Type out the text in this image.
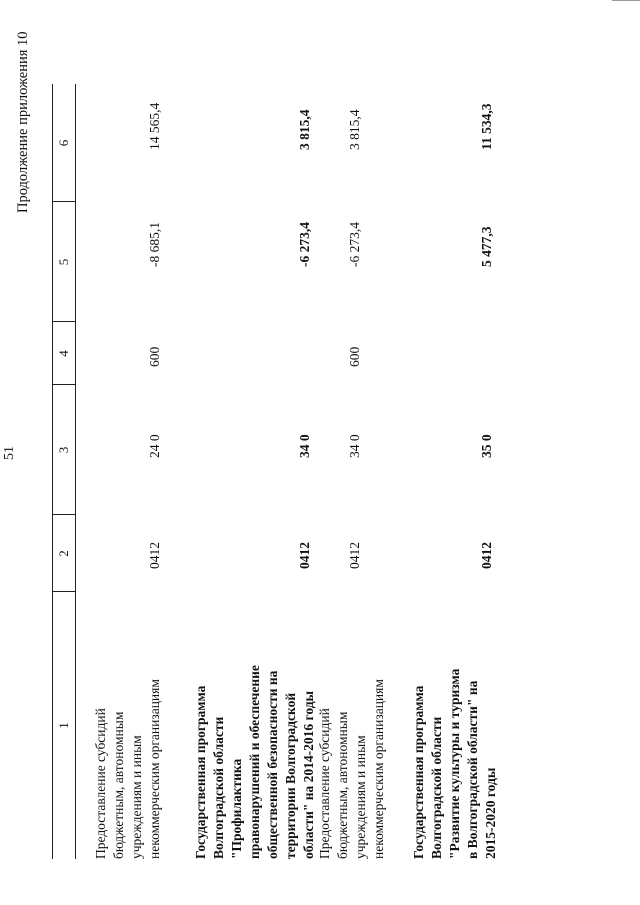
51
Продолжение приложения 10
1
2
3
4
5
6
Предоставление субсидий бюджетным, автономным учреждениям и иным некоммерческим организациям
0412
24 0
600
-8 685,1
14 565,4
Государственная программа Волгоградской области "Профилактика правонарушений и обеспечение общественной безопасности на территории Волгоградской области" на 2014-2016 годы
0412
34 0
-6 273,4
3 815,4
Предоставление субсидий бюджетным, автономным учреждениям и иным некоммерческим организациям
0412
34 0
600
-6 273,4
3 815,4
Государственная программа Волгоградской области "Развитие культуры и туризма в Волгоградской области" на 2015-2020 годы
0412
35 0
5 477,3
11 534,3
